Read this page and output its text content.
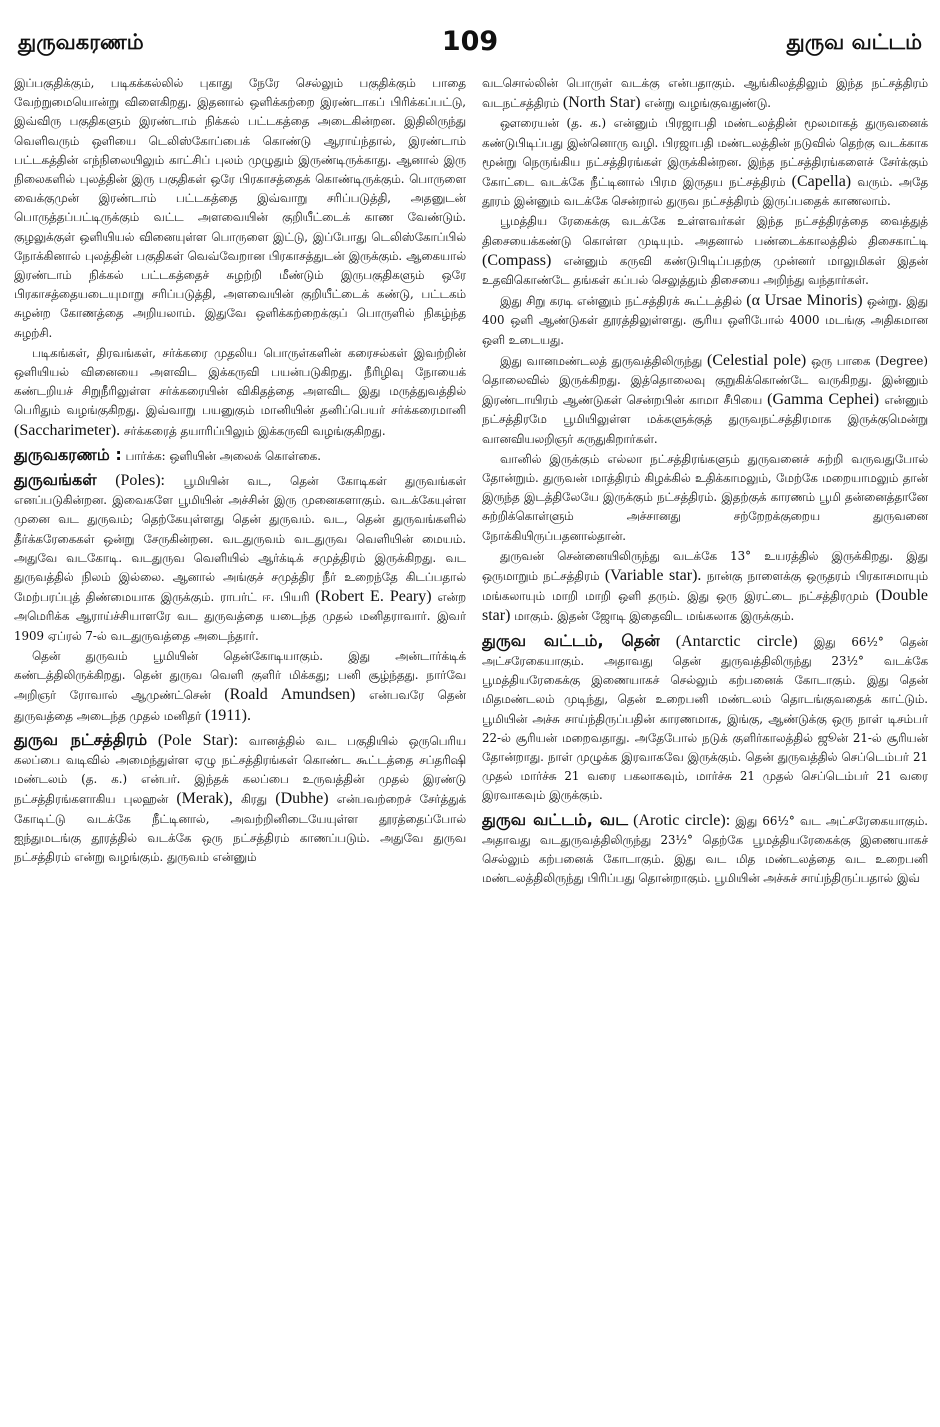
துருவகரணம்	109	துருவ வட்டம்

இப்பகுதிக்கும், படிகக்கல்லில் புகாது நேரே செல்லும் பகுதிக்கும் பாதை வேற்றுமையொன்று விளைகிறது. இதனால் ஒளிக்கற்றை இரண்டாகப் பிரிக்கப்பட்டு, இவ்விரு பகுதிகளும் இரண்டாம் நிக்கல் பட்டகத்தை அடைகின்றன. இதிலிருந்து வெளிவரும் ஒளியை டெலிஸ்கோப்பைக் கொண்டு ஆராய்ந்தால், இரண்டாம் பட்டகத்தின் எந்நிலையிலும் காட்சிப் புலம் முழுதும் இருண்டிருக்காது. ஆனால் இரு நிலைகளில் புலத்தின் இரு பகுதிகள் ஒரே பிரகாசத்தைக் கொண்டிருக்கும். பொருளை வைக்குமுன் இரண்டாம் பட்டகத்தை இவ்வாறு சரிப்படுத்தி, அதனுடன் பொருத்தப்பட்டிருக்கும் வட்ட அளவையின் குறியீட்டைக் காண வேண்டும். குழலுக்குள் ஒளியியல் வினையுள்ள பொருளை இட்டு, இப்போது டெலிஸ்கோப்பில் நோக்கினால் புலத்தின் பகுதிகள் வெவ்வேறான பிரகாசத்துடன் இருக்கும். ஆகையால் இரண்டாம் நிக்கல் பட்டகத்தைச் சுழற்றி மீண்டும் இருபகுதிகளும் ஒரே பிரகாசத்தையடையுமாறு சரிப்படுத்தி, அளவையின் குறியீட்டைக் கண்டு, பட்டகம் சுழன்ற கோணத்தை அறியலாம். இதுவே ஒளிக்கற்றைக்குப் பொருளில் நிகழ்ந்த சுழற்சி.

படிகங்கள், திரவங்கள், சர்க்கரை முதலிய பொருள்களின் கரைசல்கள் இவற்றின் ஒளியியல் வினையை அளவிட இக்கருவி பயன்படுகிறது. நீரிழிவு நோயைக் கண்டறியச் சிறுநீரிலுள்ள சர்க்கரையின் விகிதத்தை அளவிட இது மருத்துவத்தில் பெரிதும் வழங்குகிறது. இவ்வாறு பயனுகும் மானியின் தனிப்பெயர் சர்க்கரைமானி (Saccharimeter). சர்க்கரைத் தயாரிப்பிலும் இக்கருவி வழங்குகிறது.

துருவகரணம் : பார்க்க: ஒளியின் அலைக் கொள்கை.

துருவங்கள் (Poles): பூமியின் வட, தென் கோடிகள் துருவங்கள் எனப்படுகின்றன. இவைகளே பூமியின் அச்சின் இரு முனைகளாகும். வடக்கேயுள்ள முனை வட துருவம்; தெற்கேயுள்ளது தென் துருவம். வட, தென் துருவங்களில் தீர்க்கரேகைகள் ஒன்று சேருகின்றன. வடதுருவம் வடதுருவ வெளியின் மையம். அதுவே வடகோடி. வடதுருவ வெளியில் ஆர்க்டிக் சமுத்திரம் இருக்கிறது. வட துருவத்தில் நிலம் இல்லை. ஆனால் அங்குச் சமுத்திர நீர் உறைந்தே கிடப்பதால் மேற்பரப்புத் திண்மையாக இருக்கும். ராபர்ட் ஈ. பியரி (Robert E. Peary) என்ற அமெரிக்க ஆராய்ச்சியாளரே வட துருவத்தை யடைந்த முதல் மனிதராவார். இவர் 1909 ஏப்ரல் 7-ல் வடதுருவத்தை அடைந்தார்.

தென் துருவம் பூமியின் தென்கோடியாகும். இது அன்டார்க்டிக் கண்டத்திலிருக்கிறது. தென் துருவ வெளி குளிர் மிக்கது; பனி சூழ்ந்தது. நார்வே அறிஞர் ரோவால் ஆமுண்ட்சென் (Roald Amundsen) என்பவரே தென் துருவத்தை அடைந்த முதல் மனிதர் (1911).

துருவ நட்சத்திரம் (Pole Star): வானத்தில் வட பகுதியில் ஒருபெரிய கலப்பை வடிவில் அமைந்துள்ள ஏழு நட்சத்திரங்கள் கொண்ட கூட்டத்தை சப்தரிஷி மண்டலம் (த. க.) என்பர். இந்தக் கலப்பை உருவத்தின் முதல் இரண்டு நட்சத்திரங்களாகிய புலஹன் (Merak), கிரது (Dubhe) என்பவற்றைச் சேர்த்துக் கோடிட்டு வடக்கே நீட்டினால், அவற்றினிடையேயுள்ள தூரத்தைப்போல் ஐந்துமடங்கு தூரத்தில் வடக்கே ஒரு நட்சத்திரம் காணப்படும். அதுவே துருவ நட்சத்திரம் என்று வழங்கும். துருவம் என்னும்

வடசொல்லின் பொருள் வடக்கு என்பதாகும். ஆங்கிலத்திலும் இந்த நட்சத்திரம் வடநட்சத்திரம் (North Star) என்று வழங்குவதுண்டு.

ஔரையன் (த. க.) என்னும் பிரஜாபதி மண்டலத்தின் மூலமாகத் துருவனைக் கண்டுபிடிப்பது இன்னொரு வழி. பிரஜாபதி மண்டலத்தின் நடுவில் தெற்கு வடக்காக மூன்று நெருங்கிய நட்சத்திரங்கள் இருக்கின்றன. இந்த நட்சத்திரங்களைச் சேர்க்கும் கோட்டை வடக்கே நீட்டினால் பிரம இருதய நட்சத்திரம் (Capella) வரும். அதே தூரம் இன்னும் வடக்கே சென்றால் துருவ நட்சத்திரம் இருப்பதைக் காணலாம்.

பூமத்திய ரேகைக்கு வடக்கே உள்ளவர்கள் இந்த நட்சத்திரத்தை வைத்துத் திசையைக்கண்டு கொள்ள முடியும். அதனால் பண்டைக்காலத்தில் திசைகாட்டி (Compass) என்னும் கருவி கண்டுபிடிப்பதற்கு முன்னர் மாலுமிகள் இதன் உதவிகொண்டே தங்கள் கப்பல் செலுத்தும் திசையை அறிந்து வந்தார்கள்.

இது சிறு கரடி என்னும் நட்சத்திரக் கூட்டத்தில் (α Ursae Minoris) ஒன்று. இது 400 ஒளி ஆண்டுகள் தூரத்திலுள்ளது. சூரிய ஒளிபோல் 4000 மடங்கு அதிகமான ஒளி உடையது.

இது வானமண்டலத் துருவத்திலிருந்து (Celestial pole) ஒரு பாகை (Degree) தொலைவில் இருக்கிறது. இத்தொலைவு குறுகிக்கொண்டே வருகிறது. இன்னும் இரண்டாயிரம் ஆண்டுகள் சென்றபின் காமா சீபியை (Gamma Cephei) என்னும் நட்சத்திரமே பூமியிலுள்ள மக்களுக்குத் துருவநட்சத்திரமாக இருக்குமென்று வானவியலறிஞர் கருதுகிறார்கள்.

வானில் இருக்கும் எல்லா நட்சத்திரங்களும் துருவனைச் சுற்றி வருவதுபோல் தோன்றும். துருவன் மாத்திரம் கிழக்கில் உதிக்காமலும், மேற்கே மறையாமலும் தான் இருந்த இடத்திலேயே இருக்கும் நட்சத்திரம். இதற்குக் காரணம் பூமி தன்னைத்தானே சுற்றிக்கொள்ளும் அச்சானது சற்றேறக்குறைய துருவனை நோக்கியிருப்பதனால்தான்.

துருவன் சென்னையிலிருந்து வடக்கே 13° உயரத்தில் இருக்கிறது. இது ஒருமாறும் நட்சத்திரம் (Variable star). நான்கு நாளைக்கு ஒருதரம் பிரகாசமாயும் மங்கலாயும் மாறி மாறி ஒளி தரும். இது ஒரு இரட்டை நட்சத்திரமும் (Double star) மாகும். இதன் ஜோடி இதைவிட மங்கலாக இருக்கும்.

துருவ வட்டம், தென் (Antarctic circle) இது 66½° தென் அட்சரேகையாகும். அதாவது தென் துருவத்திலிருந்து 23½° வடக்கே பூமத்தியரேகைக்கு இணையாகச் செல்லும் கற்பனைக் கோடாகும். இது தென் மிதமண்டலம் முடிந்து, தென் உறைபனி மண்டலம் தொடங்குவதைக் காட்டும். பூமியின் அச்சு சாய்ந்திருப்பதின் காரணமாக, இங்கு, ஆண்டுக்கு ஒரு நாள் டிசம்பர் 22-ல் சூரியன் மறைவதாது. அதேபோல் நடுக் குளிர்காலத்தில் ஜூன் 21-ல் சூரியன் தோன்றாது. நாள் முழுக்க இரவாகவே இருக்கும். தென் துருவத்தில் செப்டெம்பர் 21 முதல் மார்ச்சு 21 வரை பகலாகவும், மார்ச்சு 21 முதல் செப்டெம்பர் 21 வரை இரவாகவும் இருக்கும்.

துருவ வட்டம், வட (Arotic circle): இது 66½° வட அட்சரேகையாகும். அதாவது வடதுருவத்திலிருந்து 23½° தெற்கே பூமத்தியரேகைக்கு இணையாகச் செல்லும் கற்பனைக் கோடாகும். இது வட மித மண்டலத்தை வட உறைபனி மண்டலத்திலிருந்து பிரிப்பது தொன்றாகும். பூமியின் அச்சுச் சாய்ந்திருப்பதால் இவ்
